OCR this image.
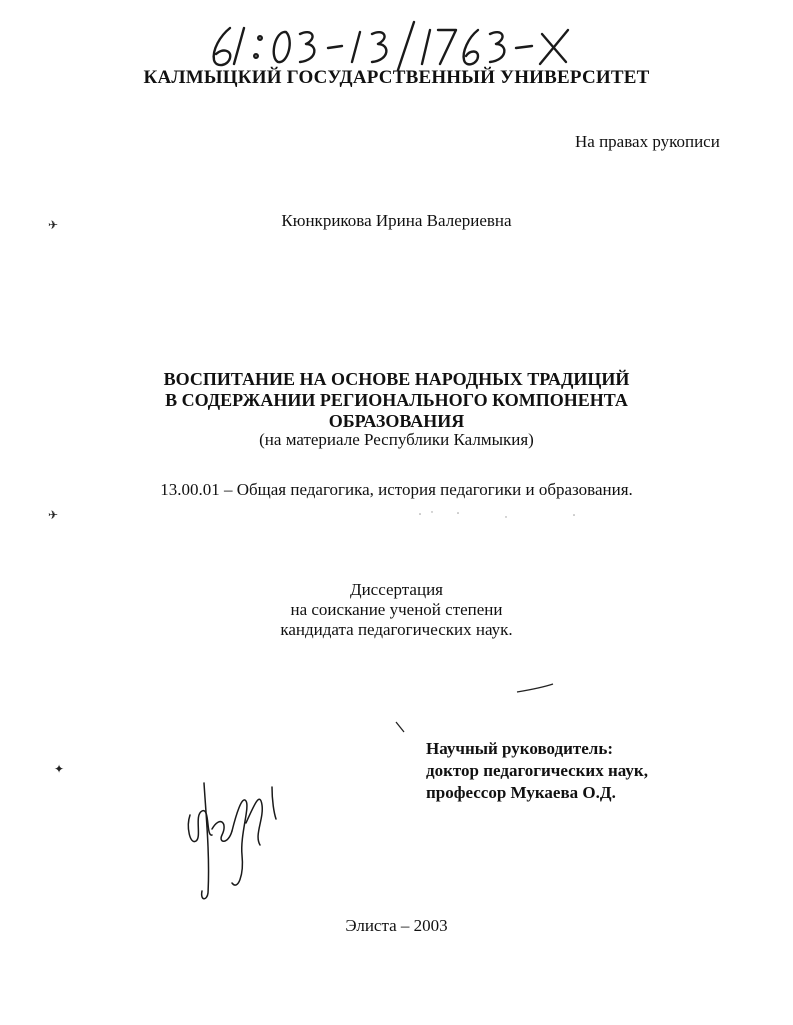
КАЛМЫЦКИЙ ГОСУДАРСТВЕННЫЙ УНИВЕРСИТЕТ
На правах рукописи
✈
✈
✦
Кюнкрикова Ирина Валериевна
ВОСПИТАНИЕ НА ОСНОВЕ НАРОДНЫХ ТРАДИЦИЙ
В СОДЕРЖАНИИ РЕГИОНАЛЬНОГО КОМПОНЕНТА
ОБРАЗОВАНИЯ
(на материале Республики Калмыкия)
13.00.01 – Общая педагогика, история педагогики и образования.
Диссертация
на соискание ученой степени
кандидата педагогических наук.
Научный руководитель:
доктор педагогических наук,
профессор Мукаева О.Д.
Элиста – 2003
